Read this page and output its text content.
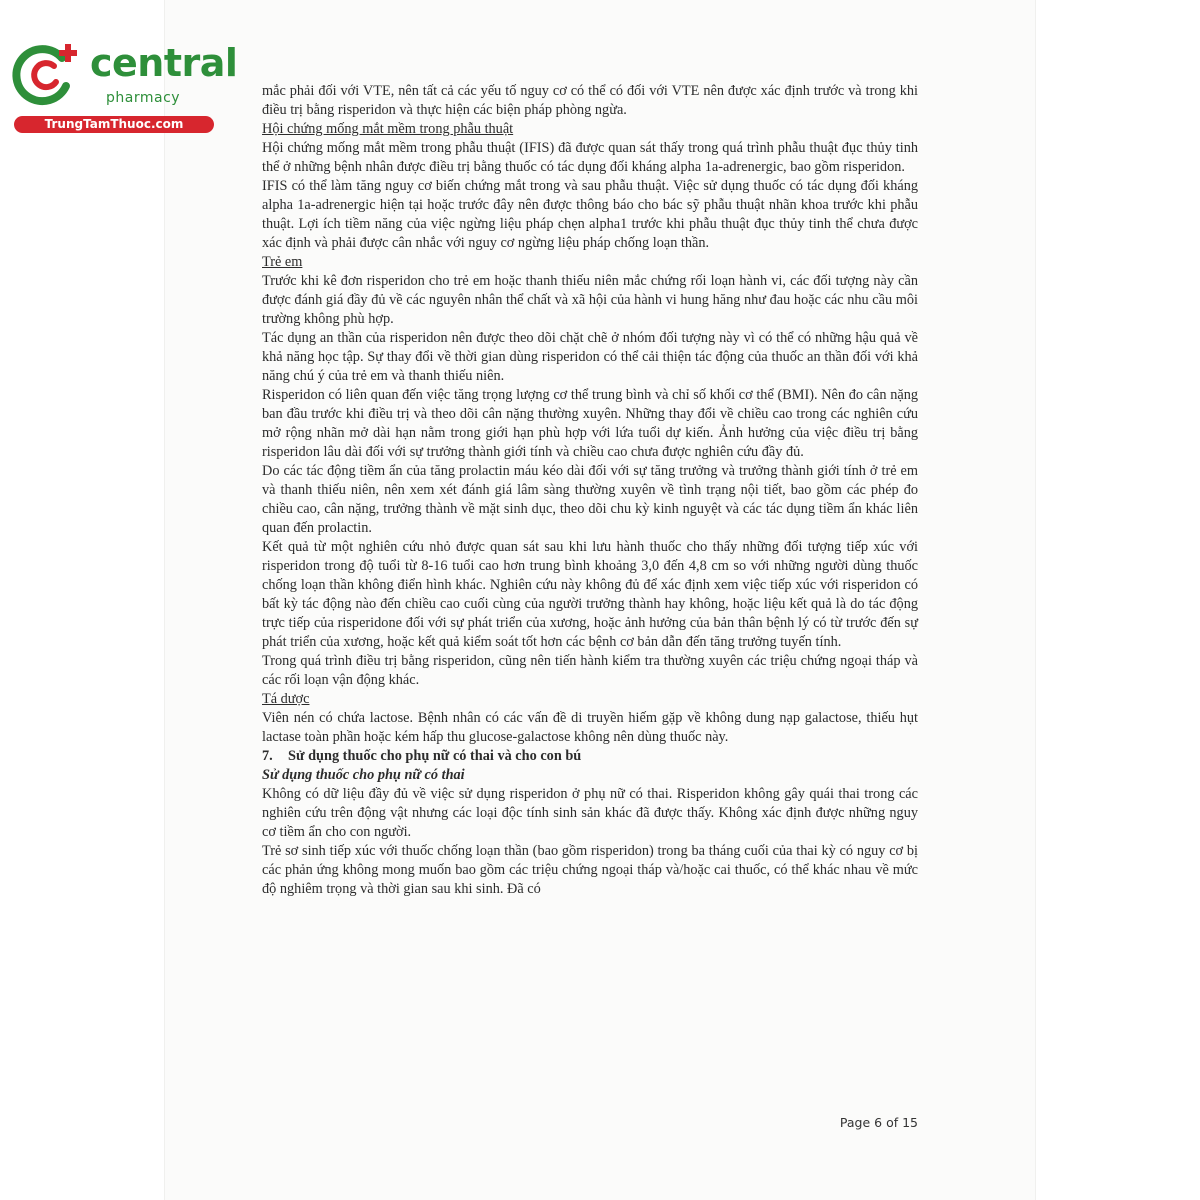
central
pharmacy
TrungTamThuoc.com

mắc phải đối với VTE, nên tất cả các yếu tố nguy cơ có thể có đối với VTE nên được xác định trước và trong khi điều trị bằng risperidon và thực hiện các biện pháp phòng ngừa.

Hội chứng mống mắt mềm trong phẫu thuật

Hội chứng mống mắt mềm trong phẫu thuật (IFIS) đã được quan sát thấy trong quá trình phẫu thuật đục thủy tinh thể ở những bệnh nhân được điều trị bằng thuốc có tác dụng đối kháng alpha 1a-adrenergic, bao gồm risperidon.

IFIS có thể làm tăng nguy cơ biến chứng mắt trong và sau phẫu thuật. Việc sử dụng thuốc có tác dụng đối kháng alpha 1a-adrenergic hiện tại hoặc trước đây nên được thông báo cho bác sỹ phẫu thuật nhãn khoa trước khi phẫu thuật. Lợi ích tiềm năng của việc ngừng liệu pháp chẹn alpha1 trước khi phẫu thuật đục thủy tinh thể chưa được xác định và phải được cân nhắc với nguy cơ ngừng liệu pháp chống loạn thần.

Trẻ em

Trước khi kê đơn risperidon cho trẻ em hoặc thanh thiếu niên mắc chứng rối loạn hành vi, các đối tượng này cần được đánh giá đầy đủ về các nguyên nhân thể chất và xã hội của hành vi hung hăng như đau hoặc các nhu cầu môi trường không phù hợp.

Tác dụng an thần của risperidon nên được theo dõi chặt chẽ ở nhóm đối tượng này vì có thể có những hậu quả về khả năng học tập. Sự thay đổi về thời gian dùng risperidon có thể cải thiện tác động của thuốc an thần đối với khả năng chú ý của trẻ em và thanh thiếu niên.

Risperidon có liên quan đến việc tăng trọng lượng cơ thể trung bình và chỉ số khối cơ thể (BMI). Nên đo cân nặng ban đầu trước khi điều trị và theo dõi cân nặng thường xuyên. Những thay đổi về chiều cao trong các nghiên cứu mở rộng nhãn mở dài hạn nằm trong giới hạn phù hợp với lứa tuổi dự kiến. Ảnh hưởng của việc điều trị bằng risperidon lâu dài đối với sự trưởng thành giới tính và chiều cao chưa được nghiên cứu đầy đủ.

Do các tác động tiềm ẩn của tăng prolactin máu kéo dài đối với sự tăng trưởng và trưởng thành giới tính ở trẻ em và thanh thiếu niên, nên xem xét đánh giá lâm sàng thường xuyên về tình trạng nội tiết, bao gồm các phép đo chiều cao, cân nặng, trưởng thành về mặt sinh dục, theo dõi chu kỳ kinh nguyệt và các tác dụng tiềm ẩn khác liên quan đến prolactin.

Kết quả từ một nghiên cứu nhỏ được quan sát sau khi lưu hành thuốc cho thấy những đối tượng tiếp xúc với risperidon trong độ tuổi từ 8-16 tuổi cao hơn trung bình khoảng 3,0 đến 4,8 cm so với những người dùng thuốc chống loạn thần không điển hình khác. Nghiên cứu này không đủ để xác định xem việc tiếp xúc với risperidon có bất kỳ tác động nào đến chiều cao cuối cùng của người trưởng thành hay không, hoặc liệu kết quả là do tác động trực tiếp của risperidone đối với sự phát triển của xương, hoặc ảnh hưởng của bản thân bệnh lý có từ trước đến sự phát triển của xương, hoặc kết quả kiểm soát tốt hơn các bệnh cơ bản dẫn đến tăng trưởng tuyến tính.

Trong quá trình điều trị bằng risperidon, cũng nên tiến hành kiểm tra thường xuyên các triệu chứng ngoại tháp và các rối loạn vận động khác.

Tá dược

Viên nén có chứa lactose. Bệnh nhân có các vấn đề di truyền hiếm gặp về không dung nạp galactose, thiếu hụt lactase toàn phần hoặc kém hấp thu glucose-galactose không nên dùng thuốc này.

7. Sử dụng thuốc cho phụ nữ có thai và cho con bú

Sử dụng thuốc cho phụ nữ có thai

Không có dữ liệu đầy đủ về việc sử dụng risperidon ở phụ nữ có thai. Risperidon không gây quái thai trong các nghiên cứu trên động vật nhưng các loại độc tính sinh sản khác đã được thấy. Không xác định được những nguy cơ tiềm ẩn cho con người.

Trẻ sơ sinh tiếp xúc với thuốc chống loạn thần (bao gồm risperidon) trong ba tháng cuối của thai kỳ có nguy cơ bị các phản ứng không mong muốn bao gồm các triệu chứng ngoại tháp và/hoặc cai thuốc, có thể khác nhau về mức độ nghiêm trọng và thời gian sau khi sinh. Đã có

Page 6 of 15
